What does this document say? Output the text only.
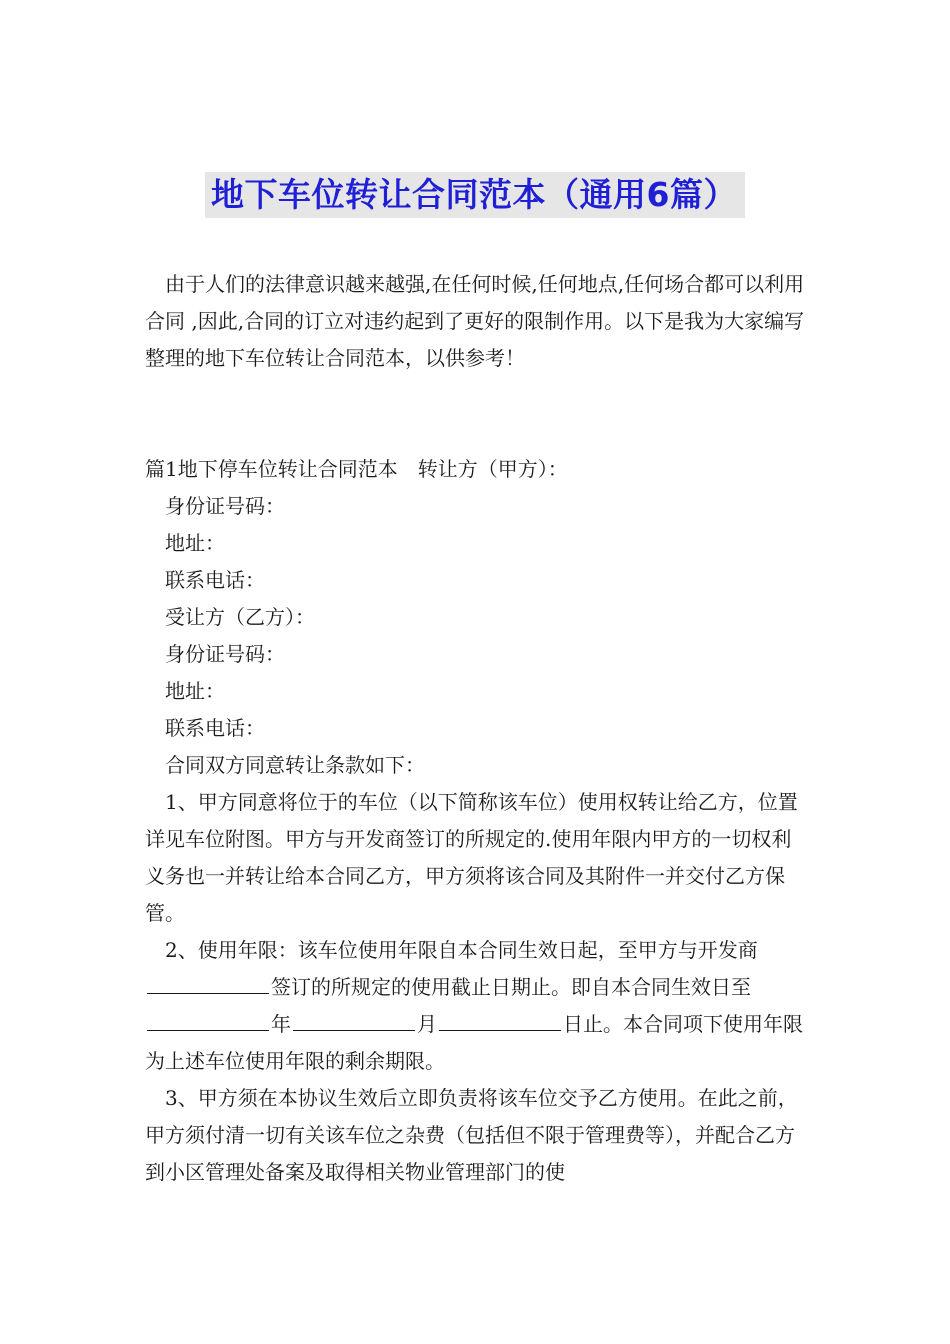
地下车位转让合同范本（通用6篇）

由于人们的法律意识越来越强,在任何时候,任何地点,任何场合都可以利用合同 ,因此,合同的订立对违约起到了更好的限制作用。以下是我为大家编写整理的地下车位转让合同范本，以供参考！

篇1地下停车位转让合同范本　转让方（甲方）：

身份证号码：

地址：

联系电话：

受让方（乙方）：

身份证号码：

地址：

联系电话：

合同双方同意转让条款如下：

1、甲方同意将位于的车位（以下简称该车位）使用权转让给乙方，位置详见车位附图。甲方与开发商签订的所规定的.使用年限内甲方的一切权利义务也一并转让给本合同乙方，甲方须将该合同及其附件一并交付乙方保管。

2、使用年限：该车位使用年限自本合同生效日起，至甲方与开发商签订的所规定的使用截止日期止。即自本合同生效日至年	月	日止。本合同项下使用年限为上述车位使用年限的剩余期限。

3、甲方须在本协议生效后立即负责将该车位交予乙方使用。在此之前，甲方须付清一切有关该车位之杂费（包括但不限于管理费等），并配合乙方到小区管理处备案及取得相关物业管理部门的使
